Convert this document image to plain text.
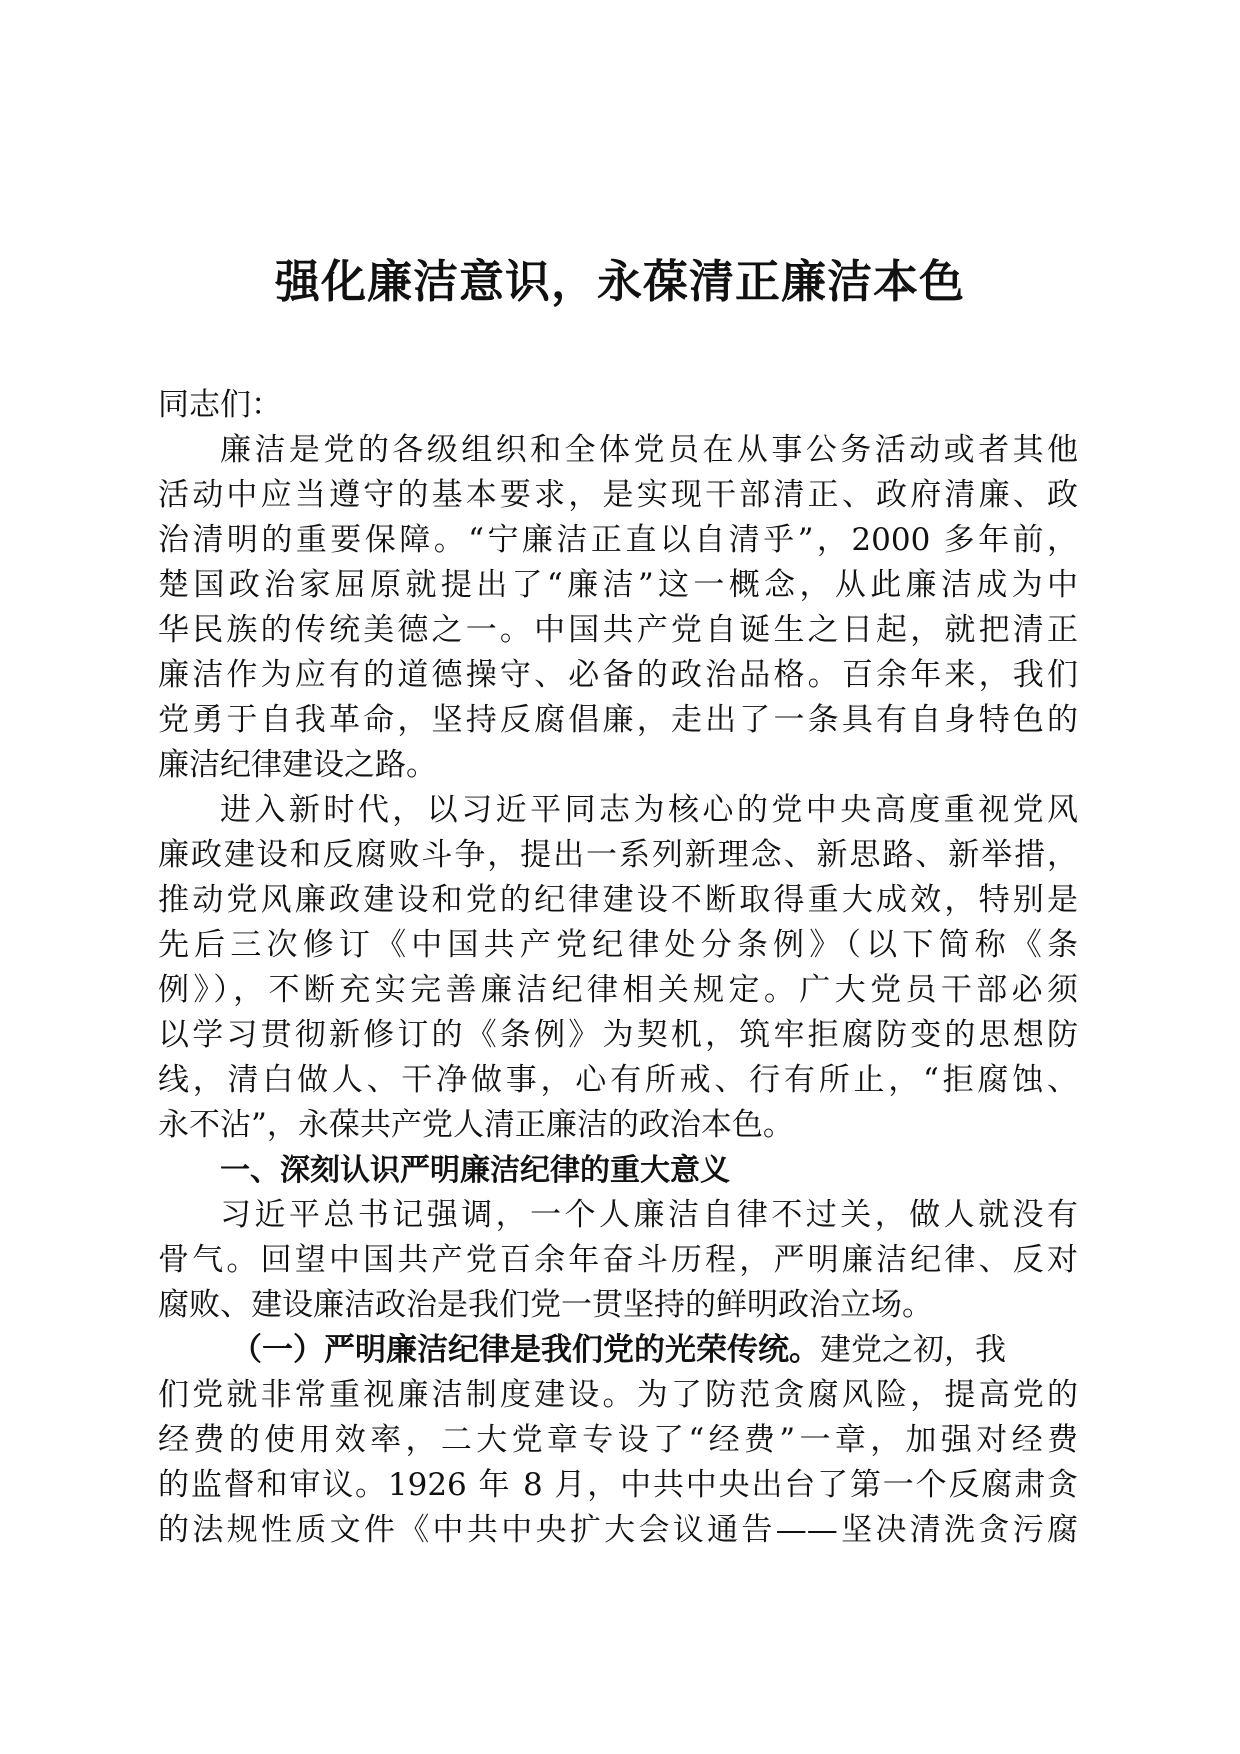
强化廉洁意识，永葆清正廉洁本色
同志们：
廉洁是党的各级组织和全体党员在从事公务活动或者其他
活动中应当遵守的基本要求，是实现干部清正、政府清廉、政
治清明的重要保障。“宁廉洁正直以自清乎”，2000 多年前，
楚国政治家屈原就提出了“廉洁”这一概念，从此廉洁成为中
华民族的传统美德之一。中国共产党自诞生之日起，就把清正
廉洁作为应有的道德操守、必备的政治品格。百余年来，我们
党勇于自我革命，坚持反腐倡廉，走出了一条具有自身特色的
廉洁纪律建设之路。
进入新时代，以习近平同志为核心的党中央高度重视党风
廉政建设和反腐败斗争，提出一系列新理念、新思路、新举措，
推动党风廉政建设和党的纪律建设不断取得重大成效，特别是
先后三次修订《中国共产党纪律处分条例》（以下简称《条
例》），不断充实完善廉洁纪律相关规定。广大党员干部必须
以学习贯彻新修订的《条例》为契机，筑牢拒腐防变的思想防
线，清白做人、干净做事，心有所戒、行有所止，“拒腐蚀、
永不沾”，永葆共产党人清正廉洁的政治本色。
一、深刻认识严明廉洁纪律的重大意义
习近平总书记强调，一个人廉洁自律不过关，做人就没有
骨气。回望中国共产党百余年奋斗历程，严明廉洁纪律、反对
腐败、建设廉洁政治是我们党一贯坚持的鲜明政治立场。
（一）严明廉洁纪律是我们党的光荣传统。建党之初，我
们党就非常重视廉洁制度建设。为了防范贪腐风险，提高党的
经费的使用效率，二大党章专设了“经费”一章，加强对经费
的监督和审议。1926 年 8 月，中共中央出台了第一个反腐肃贪
的法规性质文件《中共中央扩大会议通告——坚决清洗贪污腐
